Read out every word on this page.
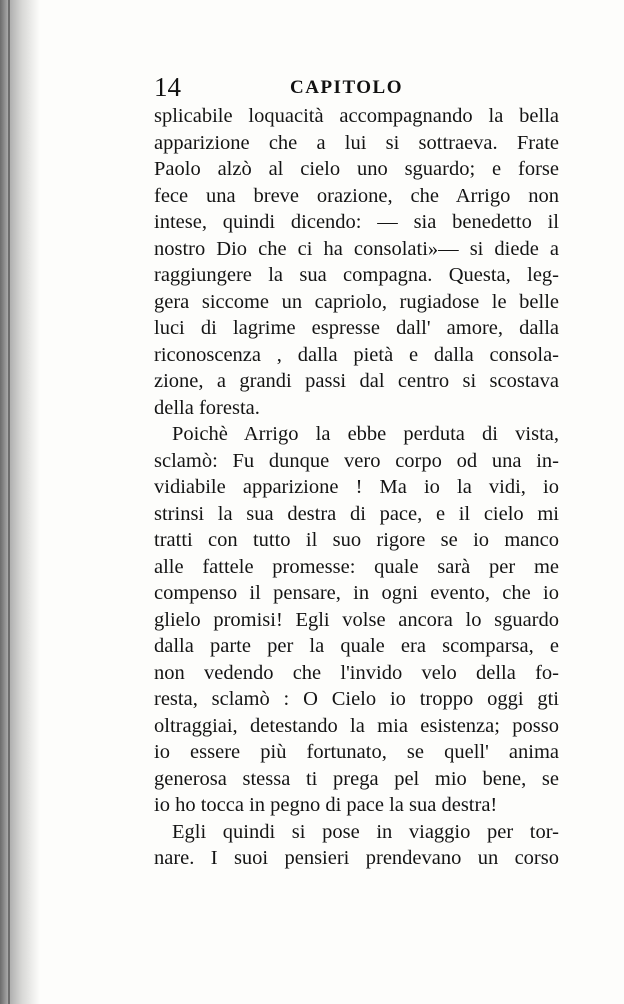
14	CAPITOLO
splicabile loquacità accompagnando la bella
apparizione che a lui si sottraeva. Frate
Paolo alzò al cielo uno sguardo; e forse
fece una breve orazione, che Arrigo non
intese, quindi dicendo: — sia benedetto il
nostro Dio che ci ha consolati»— si diede a
raggiungere la sua compagna. Questa, leg-
gera siccome un capriolo, rugiadose le belle
luci di lagrime espresse dall' amore, dalla
riconoscenza , dalla pietà e dalla consola-
zione, a grandi passi dal centro si scostava
della foresta.
Poichè Arrigo la ebbe perduta di vista,
sclamò: Fu dunque vero corpo od una in-
vidiabile apparizione ! Ma io la vidi, io
strinsi la sua destra di pace, e il cielo mi
tratti con tutto il suo rigore se io manco
alle fattele promesse: quale sarà per me
compenso il pensare, in ogni evento, che io
glielo promisi! Egli volse ancora lo sguardo
dalla parte per la quale era scomparsa, e
non vedendo che l'invido velo della fo-
resta, sclamò : O Cielo io troppo oggi gti
oltraggiai, detestando la mia esistenza; posso
io essere più fortunato, se quell' anima
generosa stessa ti prega pel mio bene, se
io ho tocca in pegno di pace la sua destra!
Egli quindi si pose in viaggio per tor-
nare. I suoi pensieri prendevano un corso
